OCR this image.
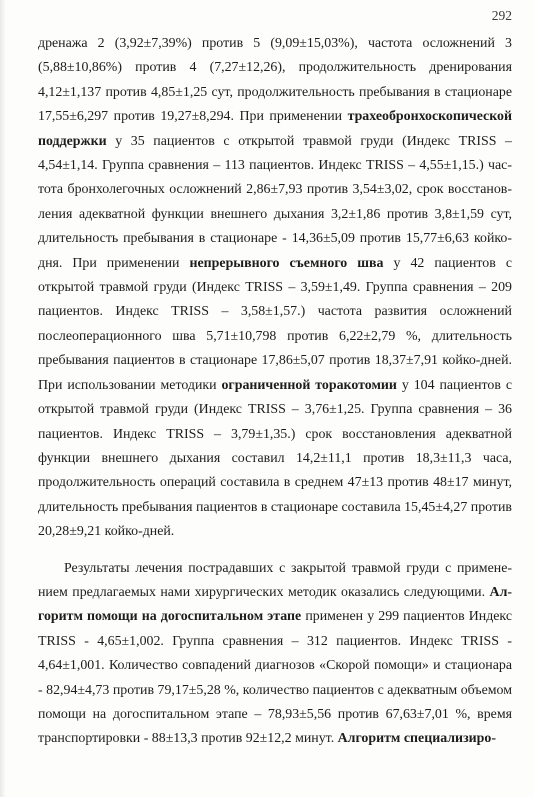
292

дренажа 2 (3,92±7,39%) против 5 (9,09±15,03%), частота осложнений 3 (5,88±10,86%) против 4 (7,27±12,26), продолжительность дренирования 4,12±1,137 против 4,85±1,25 сут, продолжительность пребывания в стационаре 17,55±6,297 против 19,27±8,294. При применении трахеобронхоскопической поддержки у 35 пациентов с открытой травмой груди (Индекс TRISS – 4,54±1,14. Группа сравнения – 113 пациентов. Индекс TRISS – 4,55±1,15.) частота бронхолегочных осложнений 2,86±7,93 против 3,54±3,02, срок восстановления адекватной функции внешнего дыхания 3,2±1,86 против 3,8±1,59 сут, длительность пребывания в стационаре - 14,36±5,09 против 15,77±6,63 койко-дня. При применении непрерывного съемного шва у 42 пациентов с открытой травмой груди (Индекс TRISS – 3,59±1,49. Группа сравнения – 209 пациентов. Индекс TRISS – 3,58±1,57.) частота развития осложнений послеоперационного шва 5,71±10,798 против 6,22±2,79 %, длительность пребывания пациентов в стационаре 17,86±5,07 против 18,37±7,91 койко-дней. При использовании методики ограниченной торакотомии у 104 пациентов с открытой травмой груди (Индекс TRISS – 3,76±1,25. Группа сравнения – 36 пациентов. Индекс TRISS – 3,79±1,35.) срок восстановления адекватной функции внешнего дыхания составил 14,2±11,1 против 18,3±11,3 часа, продолжительность операций составила в среднем 47±13 против 48±17 минут, длительность пребывания пациентов в стационаре составила 15,45±4,27 против 20,28±9,21 койко-дней.

Результаты лечения пострадавших с закрытой травмой груди с применением предлагаемых нами хирургических методик оказались следующими. Алгоритм помощи на догоспитальном этапе применен у 299 пациентов Индекс TRISS - 4,65±1,002. Группа сравнения – 312 пациентов. Индекс TRISS - 4,64±1,001. Количество совпадений диагнозов «Скорой помощи» и стационара - 82,94±4,73 против 79,17±5,28 %, количество пациентов с адекватным объемом помощи на догоспитальном этапе – 78,93±5,56 против 67,63±7,01 %, время транспортировки - 88±13,3 против 92±12,2 минут. Алгоритм специализиро-
